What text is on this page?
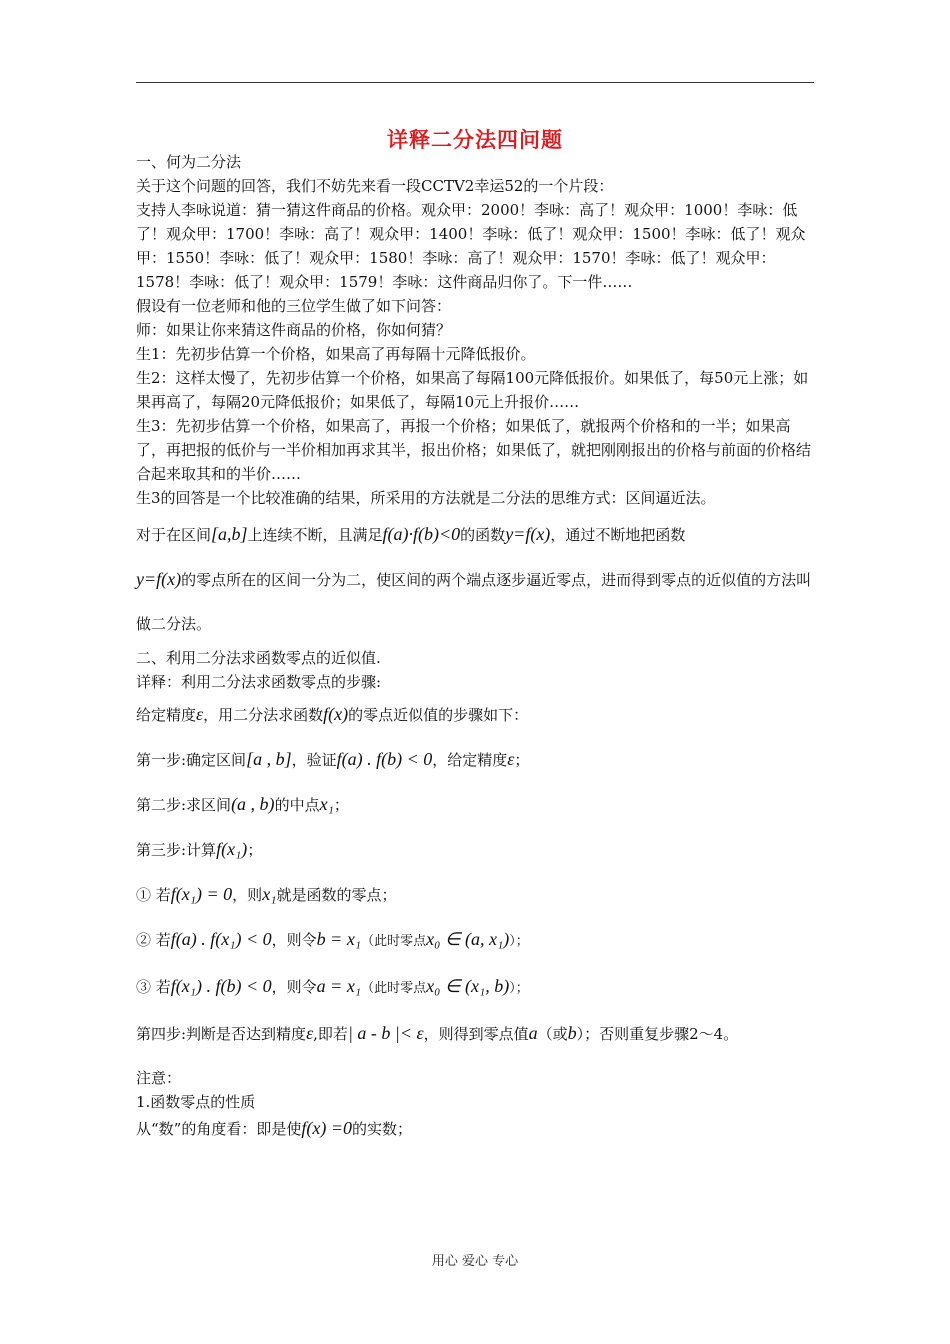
详释二分法四问题

一、何为二分法

关于这个问题的回答，我们不妨先来看一段CCTV2幸运52的一个片段：

支持人李咏说道：猜一猜这件商品的价格。观众甲：2000！李咏：高了！观众甲：1000！李咏：低了！观众甲：1700！李咏：高了！观众甲：1400！李咏：低了！观众甲：1500！李咏：低了！观众甲：1550！李咏：低了！观众甲：1580！李咏：高了！观众甲：1570！李咏：低了！观众甲：1578！李咏：低了！观众甲：1579！李咏：这件商品归你了。下一件……

假设有一位老师和他的三位学生做了如下问答：

师：如果让你来猜这件商品的价格，你如何猜？

生1：先初步估算一个价格，如果高了再每隔十元降低报价。

生2：这样太慢了，先初步估算一个价格，如果高了每隔100元降低报价。如果低了，每50元上涨；如果再高了，每隔20元降低报价；如果低了，每隔10元上升报价……

生3：先初步估算一个价格，如果高了，再报一个价格；如果低了，就报两个价格和的一半；如果高了，再把报的低价与一半价相加再求其半，报出价格；如果低了，就把刚刚报出的价格与前面的价格结合起来取其和的半价……

生3的回答是一个比较准确的结果，所采用的方法就是二分法的思维方式：区间逼近法。

对于在区间[a,b]上连续不断，且满足f(a)·f(b)<0的函数y=f(x)，通过不断地把函数
y=f(x)的零点所在的区间一分为二，使区间的两个端点逐步逼近零点，进而得到零点的近似值的方法叫做二分法。

二、利用二分法求函数零点的近似值.

详释：利用二分法求函数零点的步骤:

给定精度ε，用二分法求函数f(x)的零点近似值的步骤如下：

第一步:确定区间[a , b]，验证f(a) . f(b) < 0，给定精度ε；

第二步:求区间(a , b)的中点x₁；

第三步:计算f(x₁)；

① 若f(x₁) = 0，则x₁就是函数的零点；

② 若f(a) . f(x₁) < 0，则令b = x₁（此时零点x₀ ∈ (a, x₁)）；

③ 若f(x₁) . f(b) < 0，则令a = x₁（此时零点x₀ ∈ (x₁, b)）；

第四步:判断是否达到精度ε,即若| a - b |< ε，则得到零点值a（或b）；否则重复步骤2～4。

注意：

1.函数零点的性质

从“数”的角度看：即是使f(x) =0的实数；

用心 爱心 专心
